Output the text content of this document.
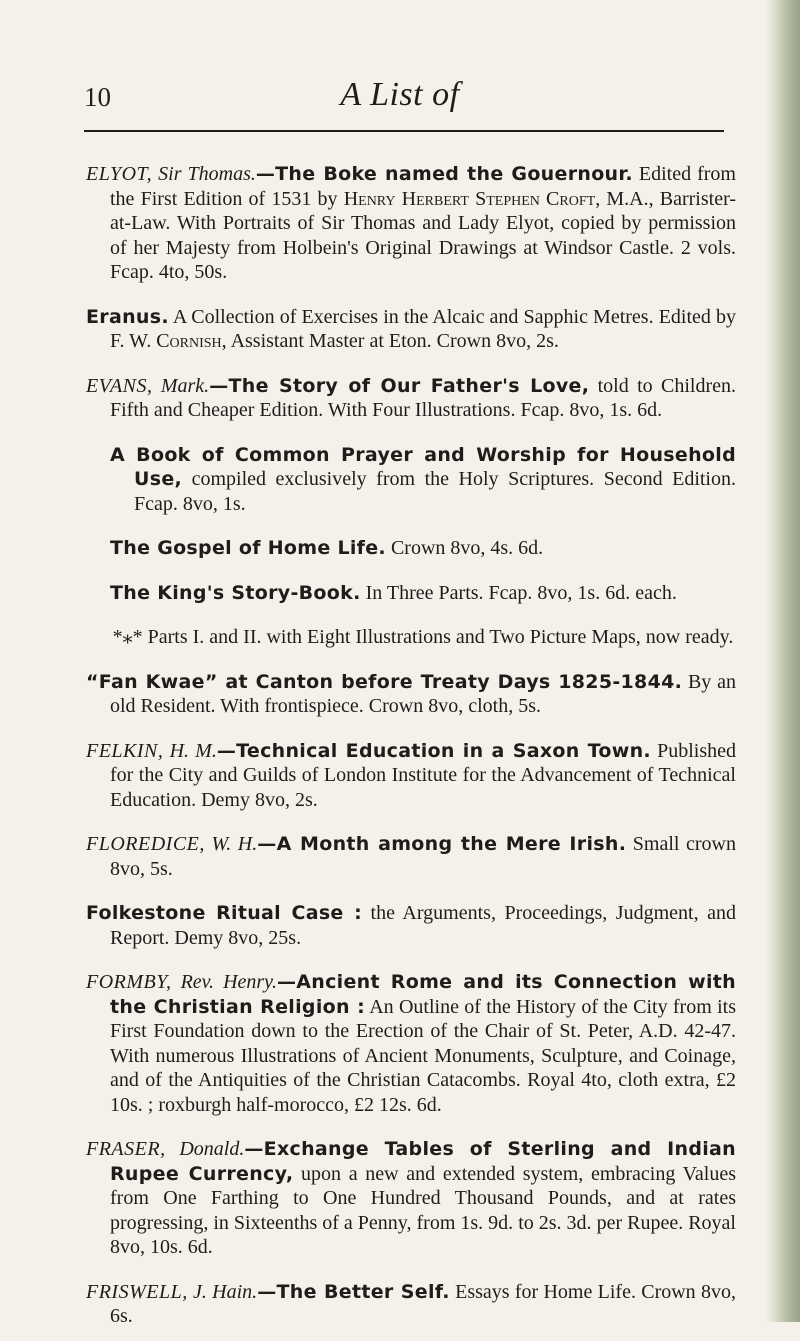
10	A List of

ELYOT, Sir Thomas.—The Boke named the Gouernour. Edited from the First Edition of 1531 by Henry Herbert Stephen Croft, M.A., Barrister-at-Law. With Portraits of Sir Thomas and Lady Elyot, copied by permission of her Majesty from Holbein's Original Drawings at Windsor Castle. 2 vols. Fcap. 4to, 50s.

Eranus. A Collection of Exercises in the Alcaic and Sapphic Metres. Edited by F. W. Cornish, Assistant Master at Eton. Crown 8vo, 2s.

EVANS, Mark.—The Story of Our Father's Love, told to Children. Fifth and Cheaper Edition. With Four Illustrations. Fcap. 8vo, 1s. 6d.

A Book of Common Prayer and Worship for Household Use, compiled exclusively from the Holy Scriptures. Second Edition. Fcap. 8vo, 1s.

The Gospel of Home Life. Crown 8vo, 4s. 6d.

The King's Story-Book. In Three Parts. Fcap. 8vo, 1s. 6d. each.

*⁎* Parts I. and II. with Eight Illustrations and Two Picture Maps, now ready.

“Fan Kwae” at Canton before Treaty Days 1825-1844. By an old Resident. With frontispiece. Crown 8vo, cloth, 5s.

FELKIN, H. M.—Technical Education in a Saxon Town. Published for the City and Guilds of London Institute for the Advancement of Technical Education. Demy 8vo, 2s.

FLOREDICE, W. H.—A Month among the Mere Irish. Small crown 8vo, 5s.

Folkestone Ritual Case : the Arguments, Proceedings, Judgment, and Report. Demy 8vo, 25s.

FORMBY, Rev. Henry.—Ancient Rome and its Connection with the Christian Religion : An Outline of the History of the City from its First Foundation down to the Erection of the Chair of St. Peter, A.D. 42-47. With numerous Illustrations of Ancient Monuments, Sculpture, and Coinage, and of the Antiquities of the Christian Catacombs. Royal 4to, cloth extra, £2 10s. ; roxburgh half-morocco, £2 12s. 6d.

FRASER, Donald.—Exchange Tables of Sterling and Indian Rupee Currency, upon a new and extended system, embracing Values from One Farthing to One Hundred Thousand Pounds, and at rates progressing, in Sixteenths of a Penny, from 1s. 9d. to 2s. 3d. per Rupee. Royal 8vo, 10s. 6d.

FRISWELL, J. Hain.—The Better Self. Essays for Home Life. Crown 8vo, 6s.
